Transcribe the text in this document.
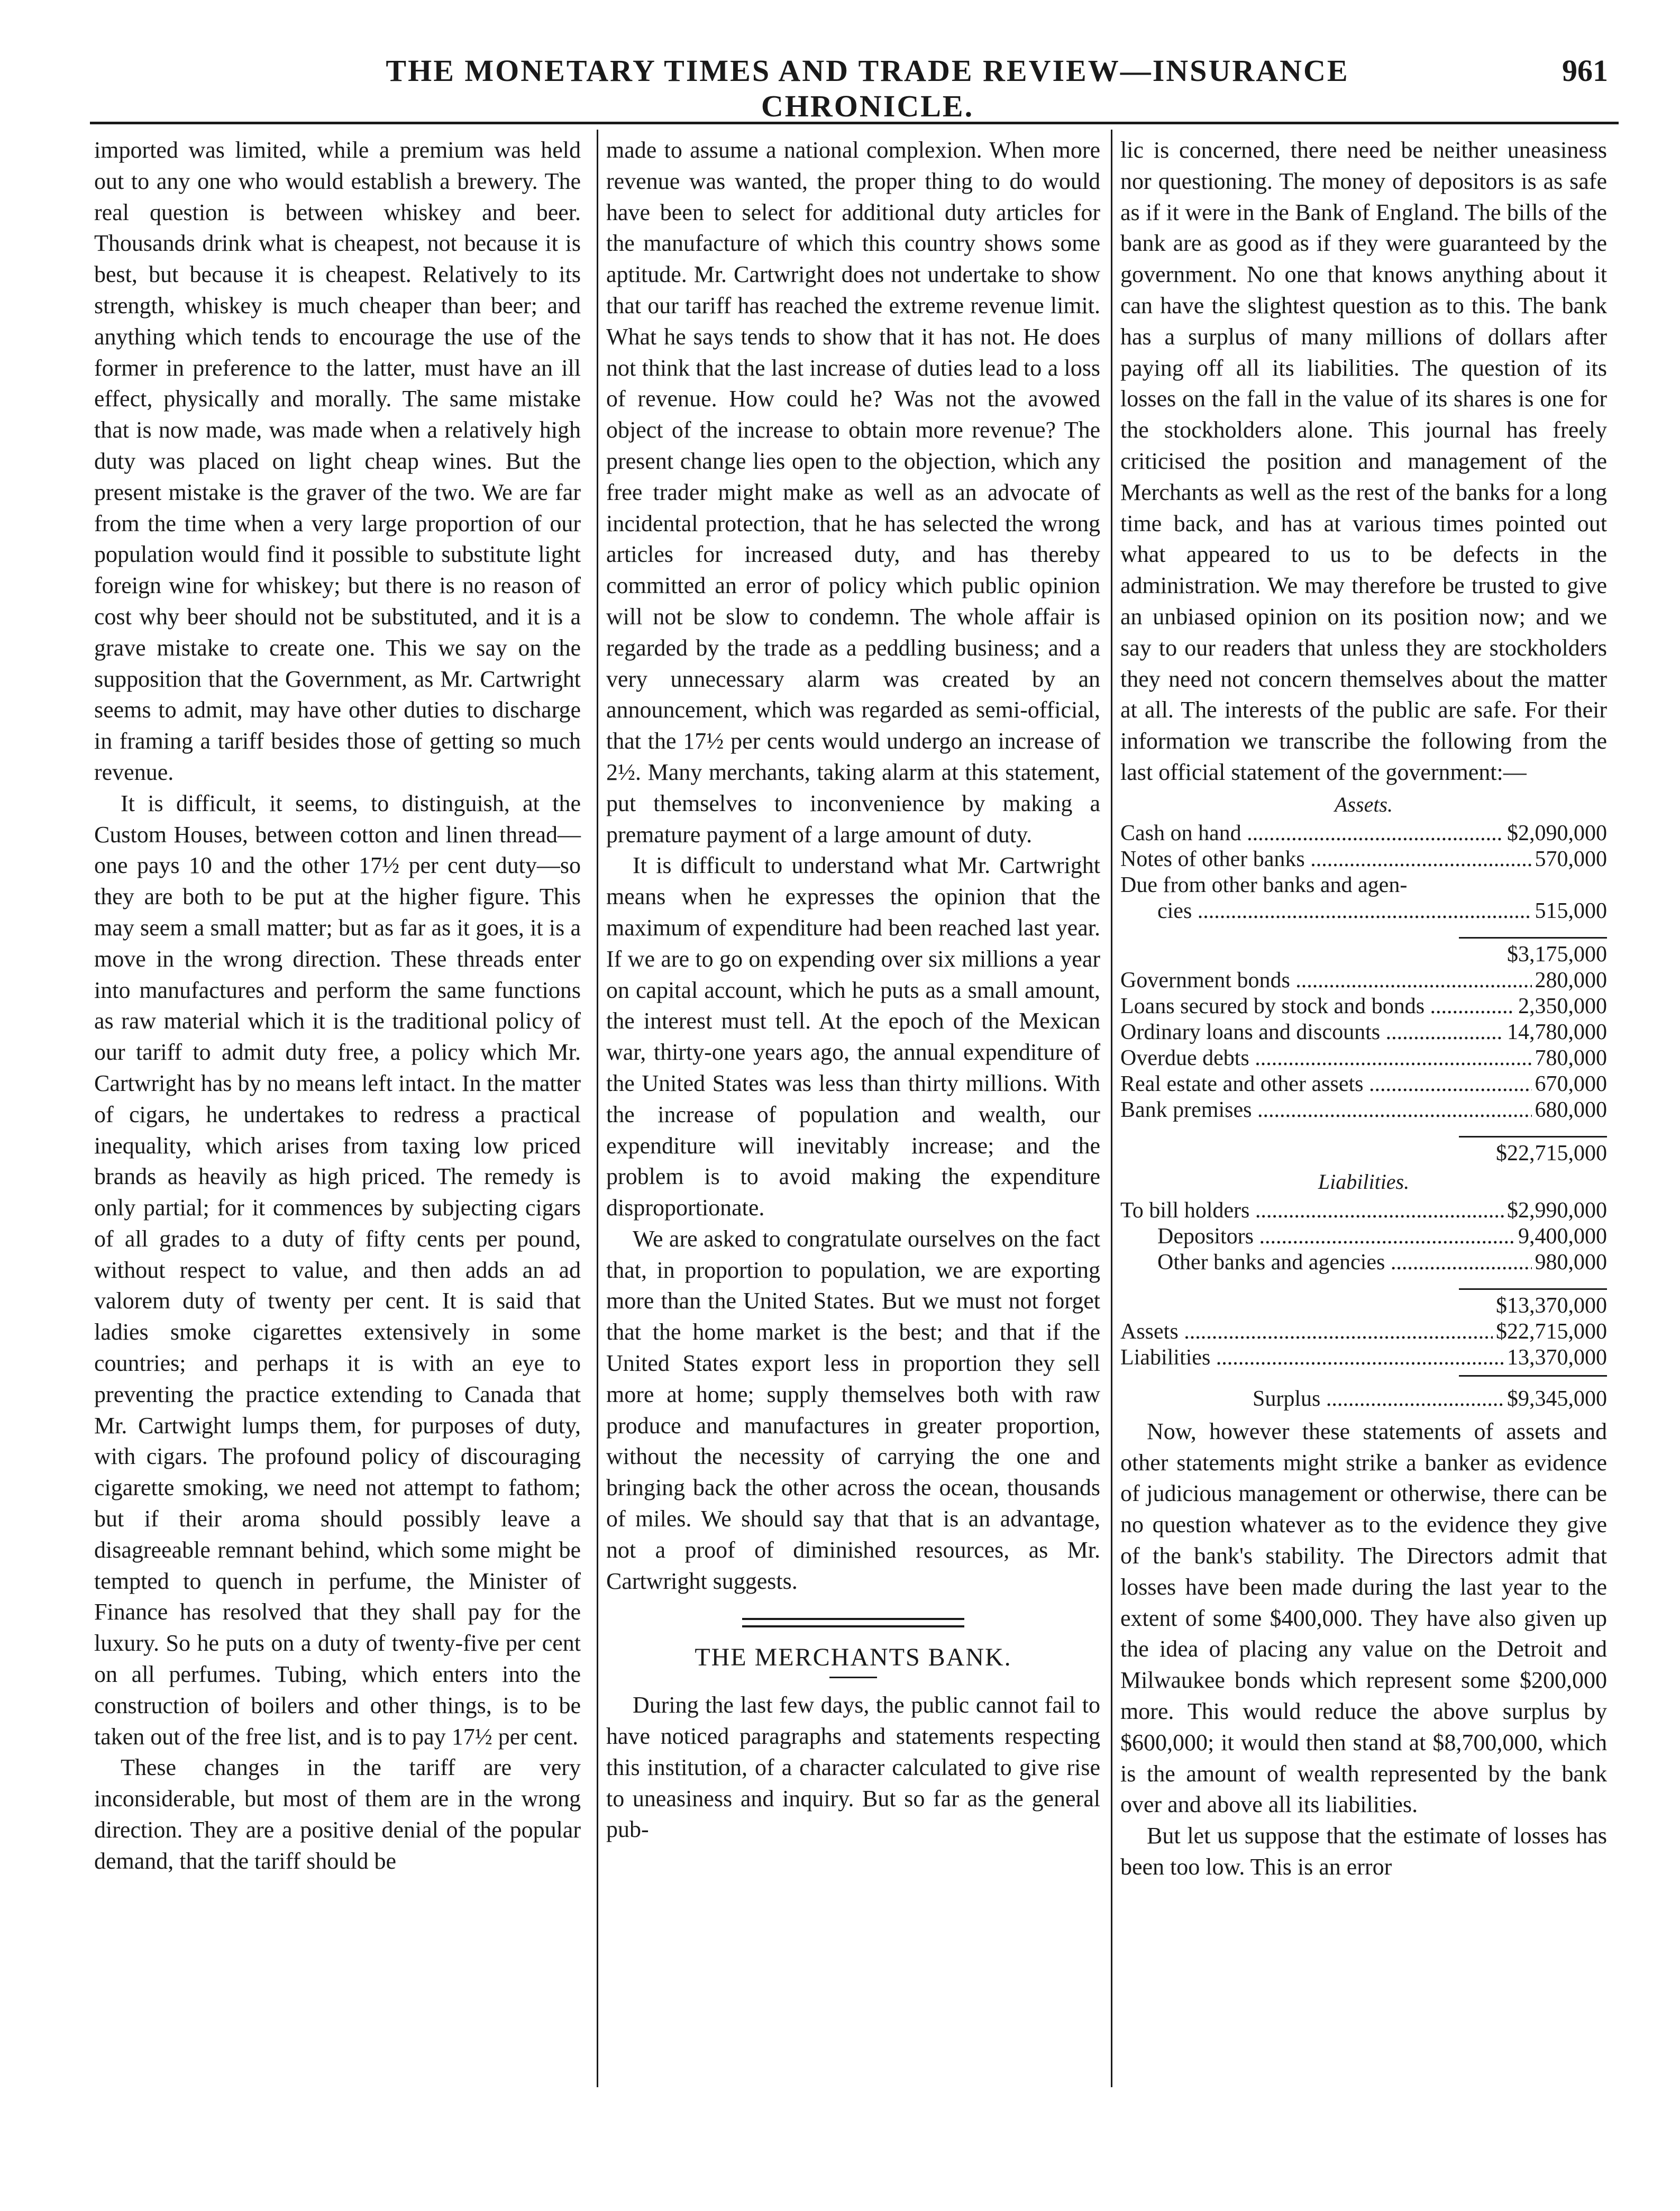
THE MONETARY TIMES AND TRADE REVIEW—INSURANCE CHRONICLE.
961

imported was limited, while a premium was held out to any one who would establish a brewery. The real question is between whiskey and beer. Thousands drink what is cheapest, not because it is best, but because it is cheapest. Relatively to its strength, whiskey is much cheaper than beer; and anything which tends to encourage the use of the former in preference to the latter, must have an ill effect, physically and morally. The same mistake that is now made, was made when a relatively high duty was placed on light cheap wines. But the present mistake is the graver of the two. We are far from the time when a very large proportion of our population would find it possible to substitute light foreign wine for whiskey; but there is no reason of cost why beer should not be substituted, and it is a grave mistake to create one. This we say on the supposition that the Government, as Mr. Cartwright seems to admit, may have other duties to discharge in framing a tariff besides those of getting so much revenue.

It is difficult, it seems, to distinguish, at the Custom Houses, between cotton and linen thread—one pays 10 and the other 17½ per cent duty—so they are both to be put at the higher figure. This may seem a small matter; but as far as it goes, it is a move in the wrong direction. These threads enter into manufactures and perform the same functions as raw material which it is the traditional policy of our tariff to admit duty free, a policy which Mr. Cartwright has by no means left intact. In the matter of cigars, he undertakes to redress a practical inequality, which arises from taxing low priced brands as heavily as high priced. The remedy is only partial; for it commences by subjecting cigars of all grades to a duty of fifty cents per pound, without respect to value, and then adds an ad valorem duty of twenty per cent. It is said that ladies smoke cigarettes extensively in some countries; and perhaps it is with an eye to preventing the practice extending to Canada that Mr. Cartwight lumps them, for purposes of duty, with cigars. The profound policy of discouraging cigarette smoking, we need not attempt to fathom; but if their aroma should possibly leave a disagreeable remnant behind, which some might be tempted to quench in perfume, the Minister of Finance has resolved that they shall pay for the luxury. So he puts on a duty of twenty-five per cent on all perfumes. Tubing, which enters into the construction of boilers and other things, is to be taken out of the free list, and is to pay 17½ per cent.

These changes in the tariff are very inconsiderable, but most of them are in the wrong direction. They are a positive denial of the popular demand, that the tariff should be

made to assume a national complexion. When more revenue was wanted, the proper thing to do would have been to select for additional duty articles for the manufacture of which this country shows some aptitude. Mr. Cartwright does not undertake to show that our tariff has reached the extreme revenue limit. What he says tends to show that it has not. He does not think that the last increase of duties lead to a loss of revenue. How could he? Was not the avowed object of the increase to obtain more revenue? The present change lies open to the objection, which any free trader might make as well as an advocate of incidental protection, that he has selected the wrong articles for increased duty, and has thereby committed an error of policy which public opinion will not be slow to condemn. The whole affair is regarded by the trade as a peddling business; and a very unnecessary alarm was created by an announcement, which was regarded as semi-official, that the 17½ per cents would undergo an increase of 2½. Many merchants, taking alarm at this statement, put themselves to inconvenience by making a premature payment of a large amount of duty.

It is difficult to understand what Mr. Cartwright means when he expresses the opinion that the maximum of expenditure had been reached last year. If we are to go on expending over six millions a year on capital account, which he puts as a small amount, the interest must tell. At the epoch of the Mexican war, thirty-one years ago, the annual expenditure of the United States was less than thirty millions. With the increase of population and wealth, our expenditure will inevitably increase; and the problem is to avoid making the expenditure disproportionate.

We are asked to congratulate ourselves on the fact that, in proportion to population, we are exporting more than the United States. But we must not forget that the home market is the best; and that if the United States export less in proportion they sell more at home; supply themselves both with raw produce and manufactures in greater proportion, without the necessity of carrying the one and bringing back the other across the ocean, thousands of miles. We should say that that is an advantage, not a proof of diminished resources, as Mr. Cartwright suggests.

THE MERCHANTS BANK.

During the last few days, the public cannot fail to have noticed paragraphs and statements respecting this institution, of a character calculated to give rise to uneasiness and inquiry. But so far as the general pub-

lic is concerned, there need be neither uneasiness nor questioning. The money of depositors is as safe as if it were in the Bank of England. The bills of the bank are as good as if they were guaranteed by the government. No one that knows anything about it can have the slightest question as to this. The bank has a surplus of many millions of dollars after paying off all its liabilities. The question of its losses on the fall in the value of its shares is one for the stockholders alone. This journal has freely criticised the position and management of the Merchants as well as the rest of the banks for a long time back, and has at various times pointed out what appeared to us to be defects in the administration. We may therefore be trusted to give an unbiased opinion on its position now; and we say to our readers that unless they are stockholders they need not concern themselves about the matter at all. The interests of the public are safe. For their information we transcribe the following from the last official statement of the government:—

Assets.
Cash on hand .....	$2,090,000
Notes of other banks .....	570,000
Due from other banks and agen-
cies .....	515,000
$3,175,000
Government bonds .....	280,000
Loans secured by stock and bonds .....	2,350,000
Ordinary loans and discounts .....	14,780,000
Overdue debts .....	780,000
Real estate and other assets .....	670,000
Bank premises .....	680,000
$22,715,000
Liabilities.
To bill holders .....	$2,990,000
Depositors .....	9,400,000
Other banks and agencies .....	980,000
$13,370,000
Assets .....	$22,715,000
Liabilities .....	13,370,000
Surplus .....	$9,345,000

Now, however these statements of assets and other statements might strike a banker as evidence of judicious management or otherwise, there can be no question whatever as to the evidence they give of the bank's stability. The Directors admit that losses have been made during the last year to the extent of some $400,000. They have also given up the idea of placing any value on the Detroit and Milwaukee bonds which represent some $200,000 more. This would reduce the above surplus by $600,000; it would then stand at $8,700,000, which is the amount of wealth represented by the bank over and above all its liabilities.

But let us suppose that the estimate of losses has been too low. This is an error
